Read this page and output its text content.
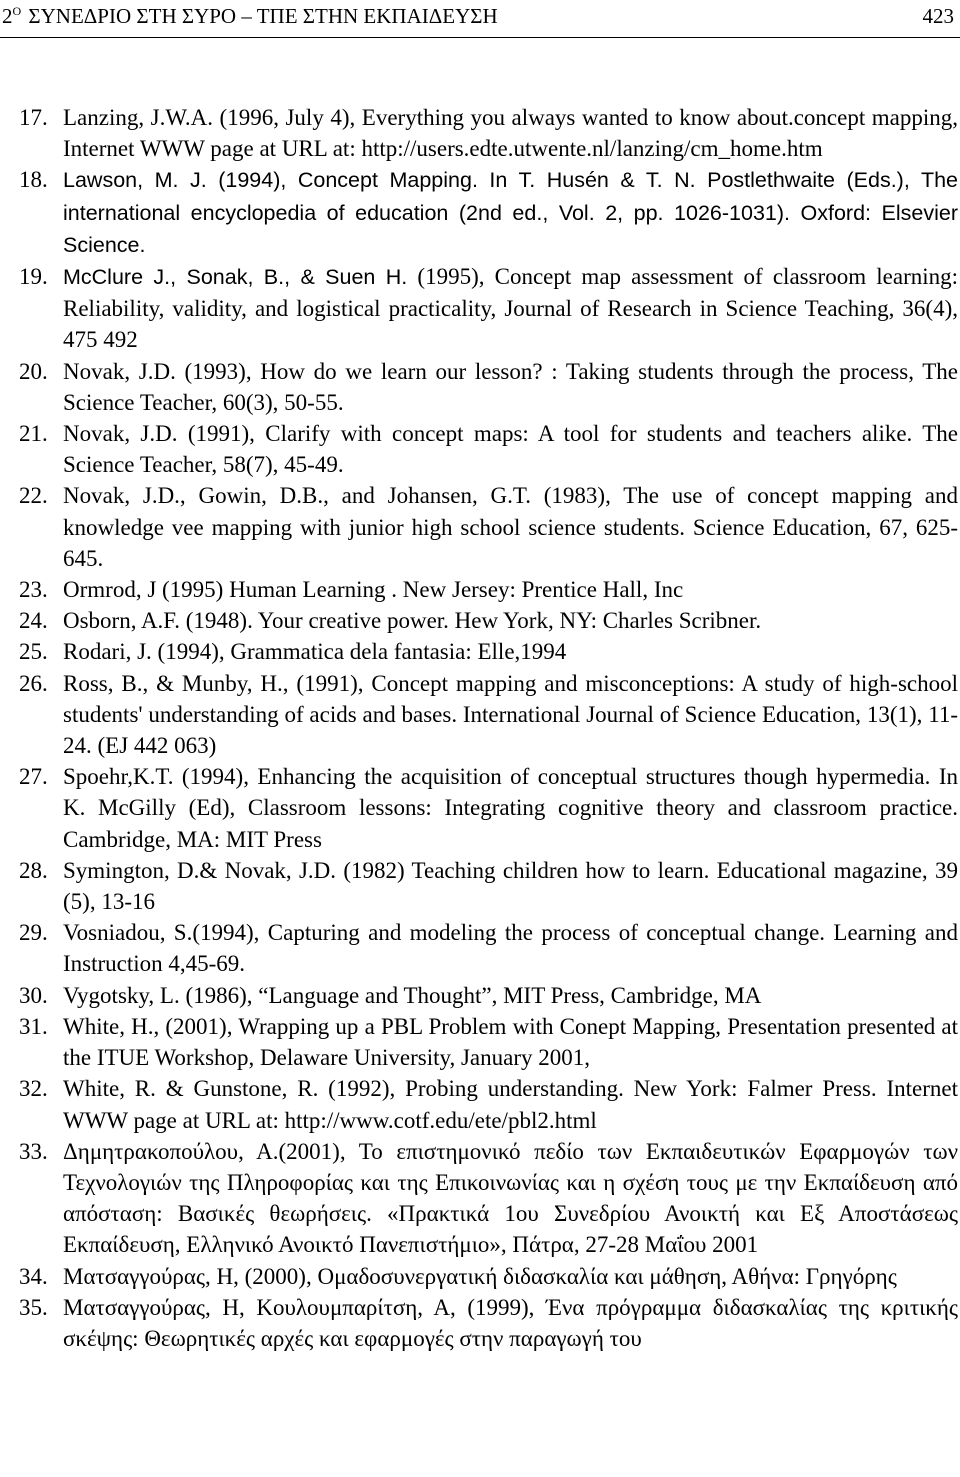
$2^O$ ΣΥΝΕΔΡΙΟ ΣΤΗ ΣΥΡΟ – ΤΠΕ ΣΤΗΝ ΕΚΠΑΙΔΕΥΣΗ	423
17. Lanzing, J.W.A. (1996, July 4), Everything you always wanted to know about.concept mapping, Internet WWW page at URL at: http://users.edte.utwente.nl/lanzing/cm_home.htm
18. Lawson, M. J. (1994), Concept Mapping. In T. Husén & T. N. Postlethwaite (Eds.), The international encyclopedia of education (2nd ed., Vol. 2, pp. 1026-1031). Oxford: Elsevier Science.
19. McClure J., Sonak, B., & Suen H. (1995), Concept map assessment of classroom learning: Reliability, validity, and logistical practicality, Journal of Research in Science Teaching, 36(4), 475 492
20. Novak, J.D. (1993), How do we learn our lesson? : Taking students through the process, The Science Teacher, 60(3), 50-55.
21. Novak, J.D. (1991), Clarify with concept maps: A tool for students and teachers alike. The Science Teacher, 58(7), 45-49.
22. Novak, J.D., Gowin, D.B., and Johansen, G.T. (1983), The use of concept mapping and knowledge vee mapping with junior high school science students. Science Education, 67, 625-645.
23. Ormrod, J (1995) Human Learning . New Jersey: Prentice Hall, Inc
24. Osborn, A.F. (1948). Your creative power. Hew York, NY: Charles Scribner.
25. Rodari, J. (1994), Grammatica dela fantasia: Elle,1994
26. Ross, B., & Munby, H., (1991), Concept mapping and misconceptions: A study of high-school students' understanding of acids and bases. International Journal of Science Education, 13(1), 11-24. (EJ 442 063)
27. Spoehr,K.T. (1994), Enhancing the acquisition of conceptual structures though hypermedia. In K. McGilly (Ed), Classroom lessons: Integrating cognitive theory and classroom practice. Cambridge, MA: MIT Press
28. Symington, D.& Novak, J.D. (1982) Teaching children how to learn. Educational magazine, 39 (5), 13-16
29. Vosniadou, S.(1994), Capturing and modeling the process of conceptual change. Learning and Instruction 4,45-69.
30. Vygotsky, L. (1986), “Language and Thought”, MIT Press, Cambridge, MA
31. White, H., (2001), Wrapping up a PBL Problem with Conept Mapping, Presentation presented at the ITUE Workshop, Delaware University, January 2001,
32. White, R. & Gunstone, R. (1992), Probing understanding. New York: Falmer Press. Internet WWW page at URL at: http://www.cotf.edu/ete/pbl2.html
33. Δημητρακοπούλου, Α.(2001), Το επιστημονικό πεδίο των Εκπαιδευτικών Εφαρμογών των Τεχνολογιών της Πληροφορίας και της Επικοινωνίας και η σχέση τους με την Εκπαίδευση από απόσταση: Βασικές θεωρήσεις. «Πρακτικά 1ου Συνεδρίου Ανοικτή και Εξ Αποστάσεως Εκπαίδευση, Ελληνικό Ανοικτό Πανεπιστήμιο», Πάτρα, 27-28 Μαΐου 2001
34. Ματσαγγούρας, Η, (2000), Ομαδοσυνεργατική διδασκαλία και μάθηση, Αθήνα: Γρηγόρης
35. Ματσαγγούρας, Η, Κουλουμπαρίτση, Α, (1999), Ένα πρόγραμμα διδασκαλίας της κριτικής σκέψης: Θεωρητικές αρχές και εφαρμογές στην παραγωγή του
